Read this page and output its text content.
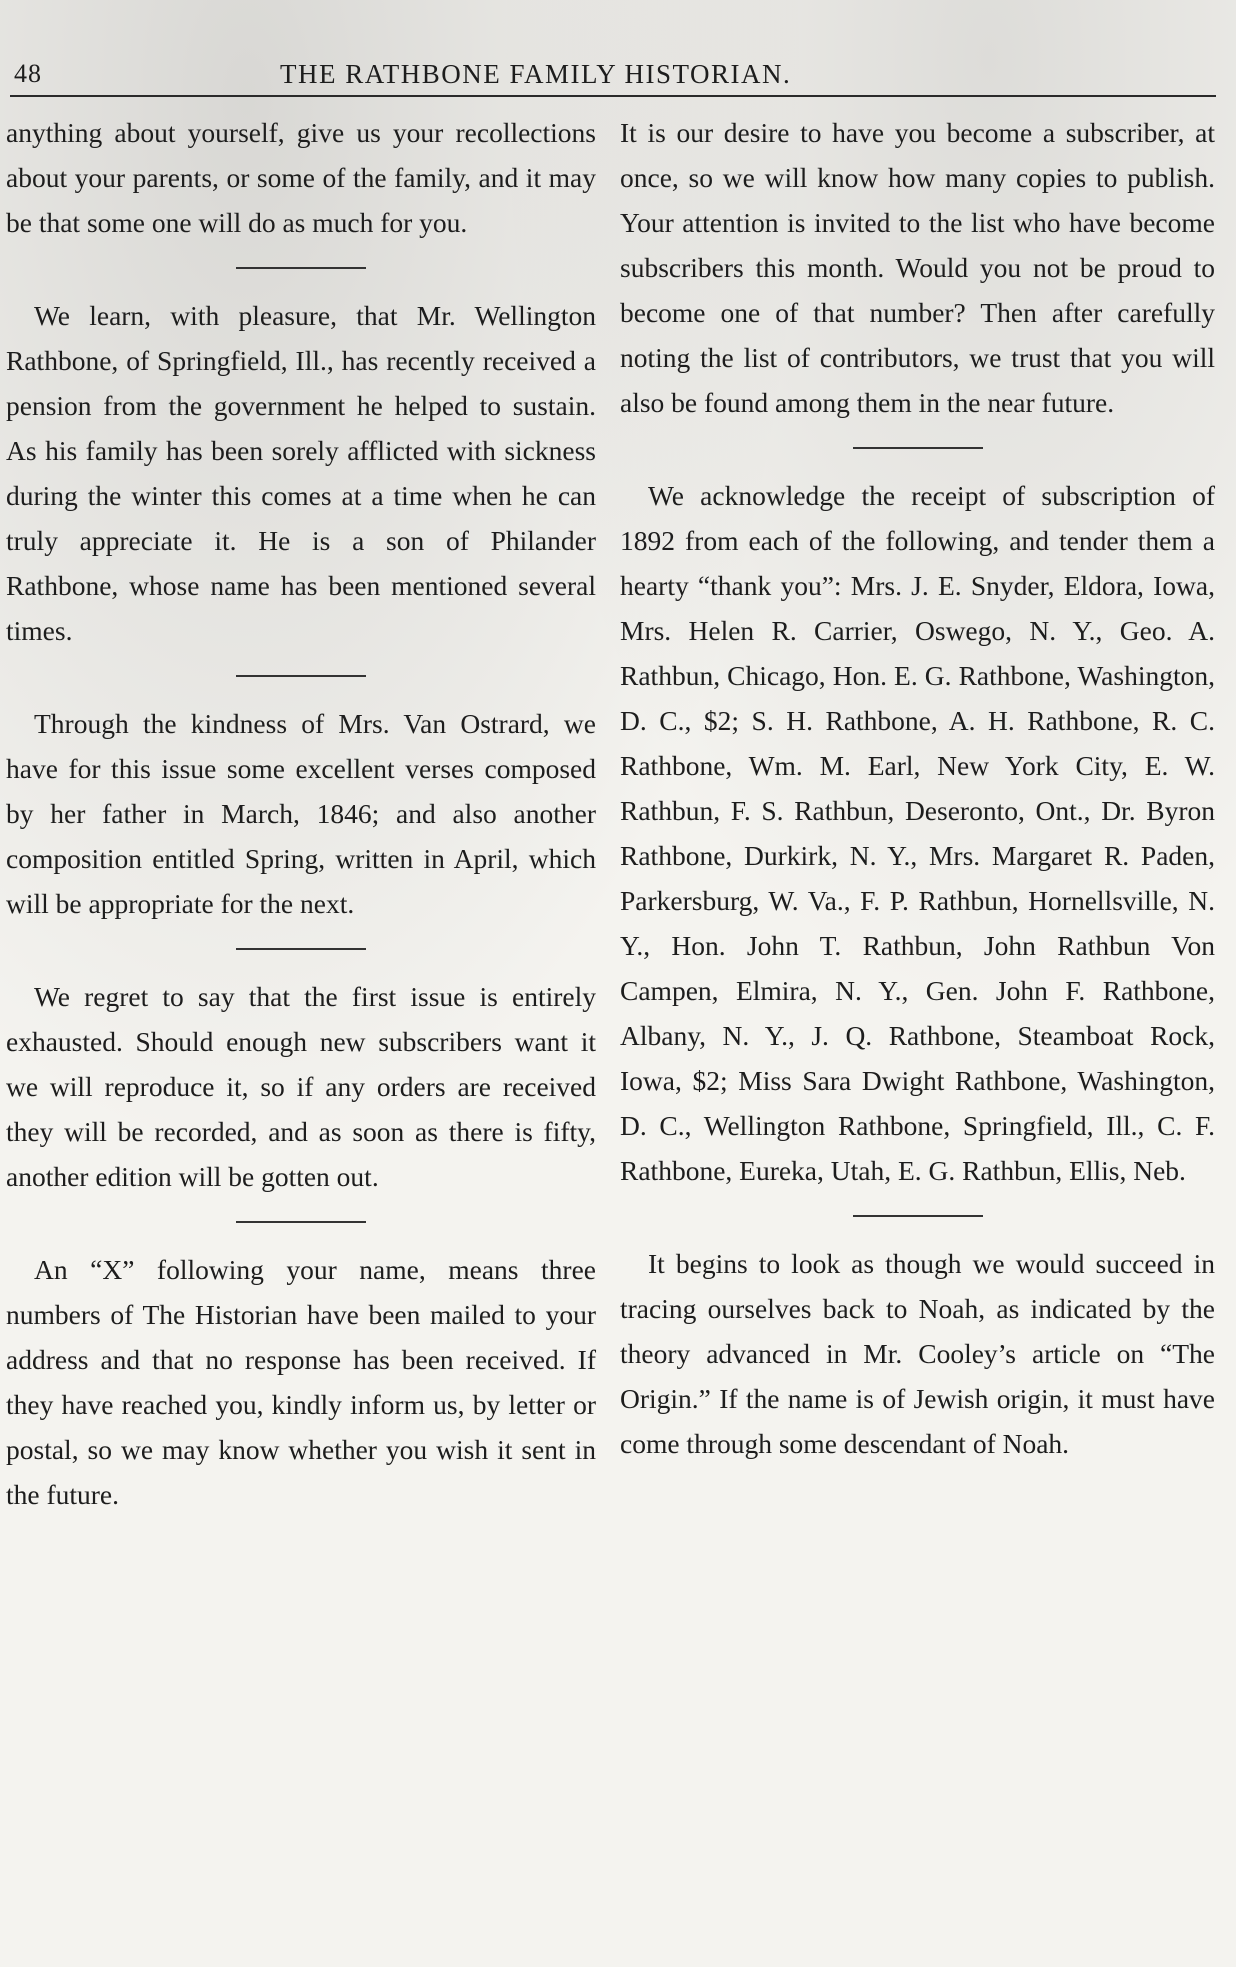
48	THE RATHBONE FAMILY HISTORIAN.

anything about yourself, give us your recollections about your parents, or some of the family, and it may be that some one will do as much for you.

We learn, with pleasure, that Mr. Wellington Rathbone, of Springfield, Ill., has recently received a pension from the government he helped to sustain. As his family has been sorely afflicted with sickness during the winter this comes at a time when he can truly appreciate it. He is a son of Philander Rathbone, whose name has been mentioned several times.

Through the kindness of Mrs. Van Ostrard, we have for this issue some excellent verses composed by her father in March, 1846; and also another composition entitled Spring, written in April, which will be appropriate for the next.

We regret to say that the first issue is entirely exhausted. Should enough new subscribers want it we will reproduce it, so if any orders are received they will be recorded, and as soon as there is fifty, another edition will be gotten out.

An “X” following your name, means three numbers of The Historian have been mailed to your address and that no response has been received. If they have reached you, kindly inform us, by letter or postal, so we may know whether you wish it sent in the future.

It is our desire to have you become a subscriber, at once, so we will know how many copies to publish. Your attention is invited to the list who have become subscribers this month. Would you not be proud to become one of that number? Then after carefully noting the list of contributors, we trust that you will also be found among them in the near future.

We acknowledge the receipt of subscription of 1892 from each of the following, and tender them a hearty “thank you”: Mrs. J. E. Snyder, Eldora, Iowa, Mrs. Helen R. Carrier, Oswego, N. Y., Geo. A. Rathbun, Chicago, Hon. E. G. Rathbone, Washington, D. C., $2; S. H. Rathbone, A. H. Rathbone, R. C. Rathbone, Wm. M. Earl, New York City, E. W. Rathbun, F. S. Rathbun, Deseronto, Ont., Dr. Byron Rathbone, Durkirk, N. Y., Mrs. Margaret R. Paden, Parkersburg, W. Va., F. P. Rathbun, Hornellsville, N. Y., Hon. John T. Rathbun, John Rathbun Von Campen, Elmira, N. Y., Gen. John F. Rathbone, Albany, N. Y., J. Q. Rathbone, Steamboat Rock, Iowa, $2; Miss Sara Dwight Rathbone, Washington, D. C., Wellington Rathbone, Springfield, Ill., C. F. Rathbone, Eureka, Utah, E. G. Rathbun, Ellis, Neb.

It begins to look as though we would succeed in tracing ourselves back to Noah, as indicated by the theory advanced in Mr. Cooley’s article on “The Origin.” If the name is of Jewish origin, it must have come through some descendant of Noah.
